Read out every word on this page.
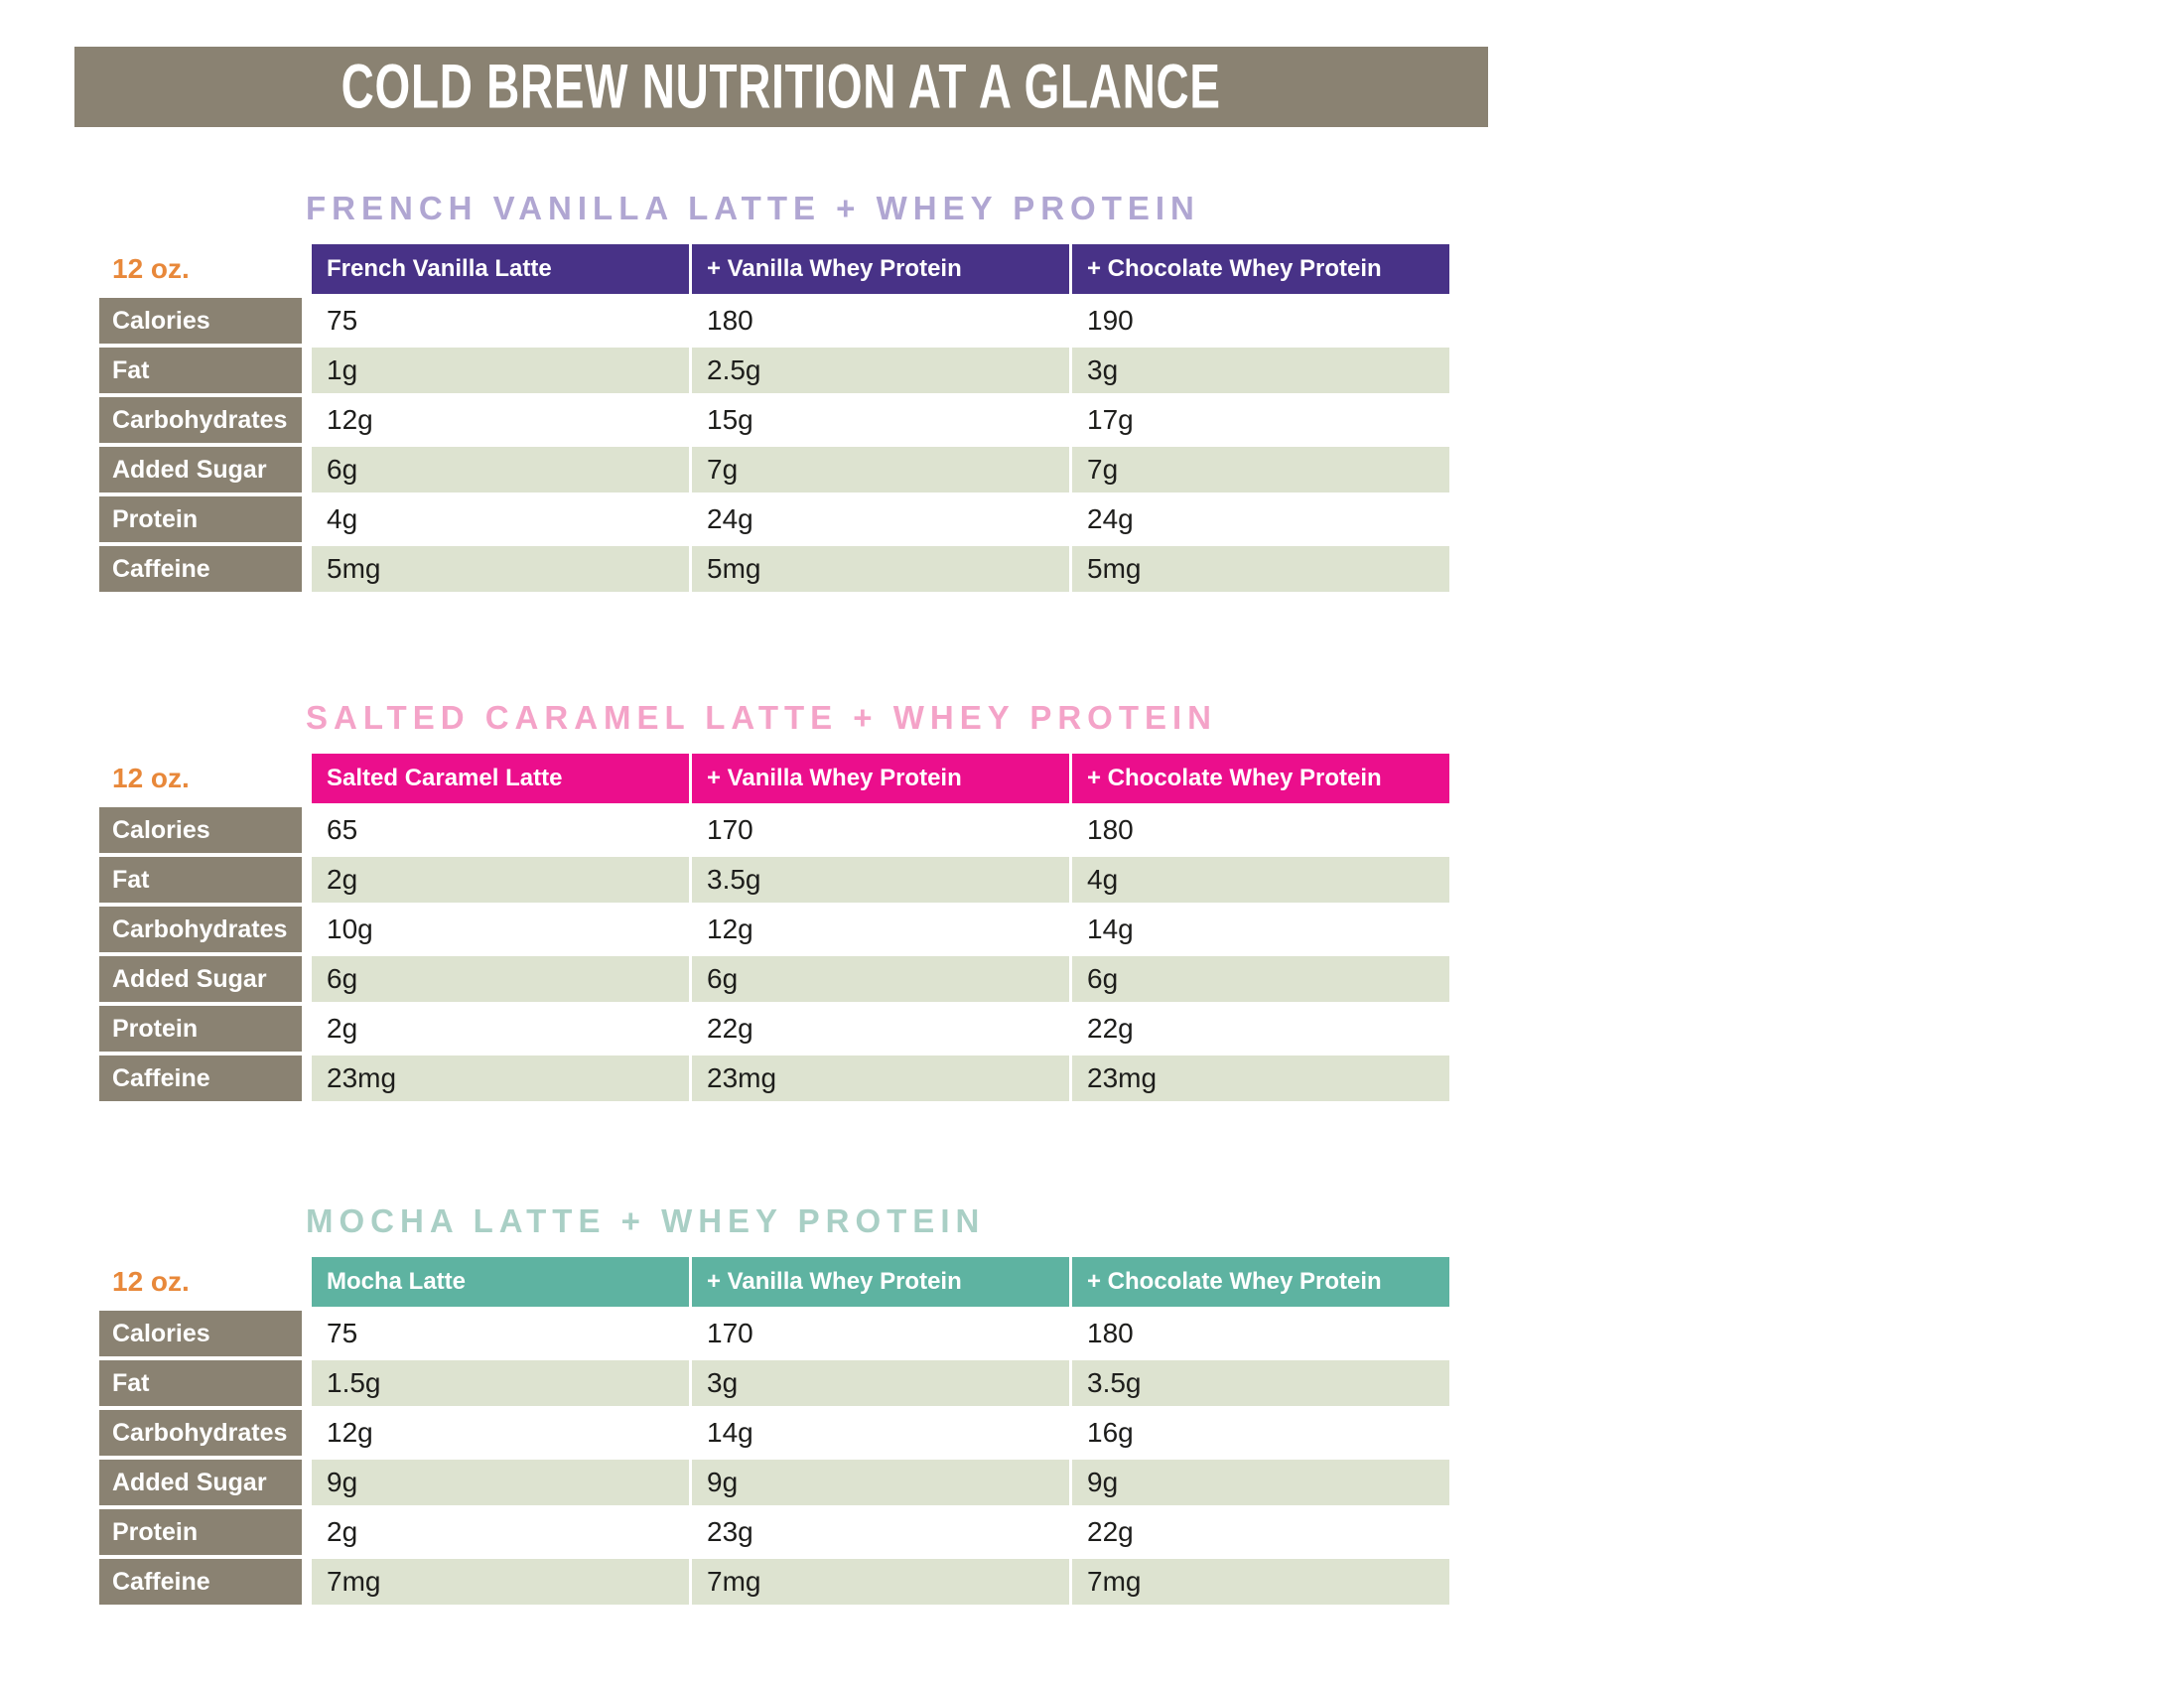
COLD BREW NUTRITION AT A GLANCE
FRENCH VANILLA LATTE + WHEY PROTEIN
12 oz.	French Vanilla Latte	+ Vanilla Whey Protein	+ Chocolate Whey Protein
Calories	75	180	190
Fat	1g	2.5g	3g
Carbohydrates	12g	15g	17g
Added Sugar	6g	7g	7g
Protein	4g	24g	24g
Caffeine	5mg	5mg	5mg
SALTED CARAMEL LATTE + WHEY PROTEIN
12 oz.	Salted Caramel Latte	+ Vanilla Whey Protein	+ Chocolate Whey Protein
Calories	65	170	180
Fat	2g	3.5g	4g
Carbohydrates	10g	12g	14g
Added Sugar	6g	6g	6g
Protein	2g	22g	22g
Caffeine	23mg	23mg	23mg
MOCHA LATTE + WHEY PROTEIN
12 oz.	Mocha Latte	+ Vanilla Whey Protein	+ Chocolate Whey Protein
Calories	75	170	180
Fat	1.5g	3g	3.5g
Carbohydrates	12g	14g	16g
Added Sugar	9g	9g	9g
Protein	2g	23g	22g
Caffeine	7mg	7mg	7mg
